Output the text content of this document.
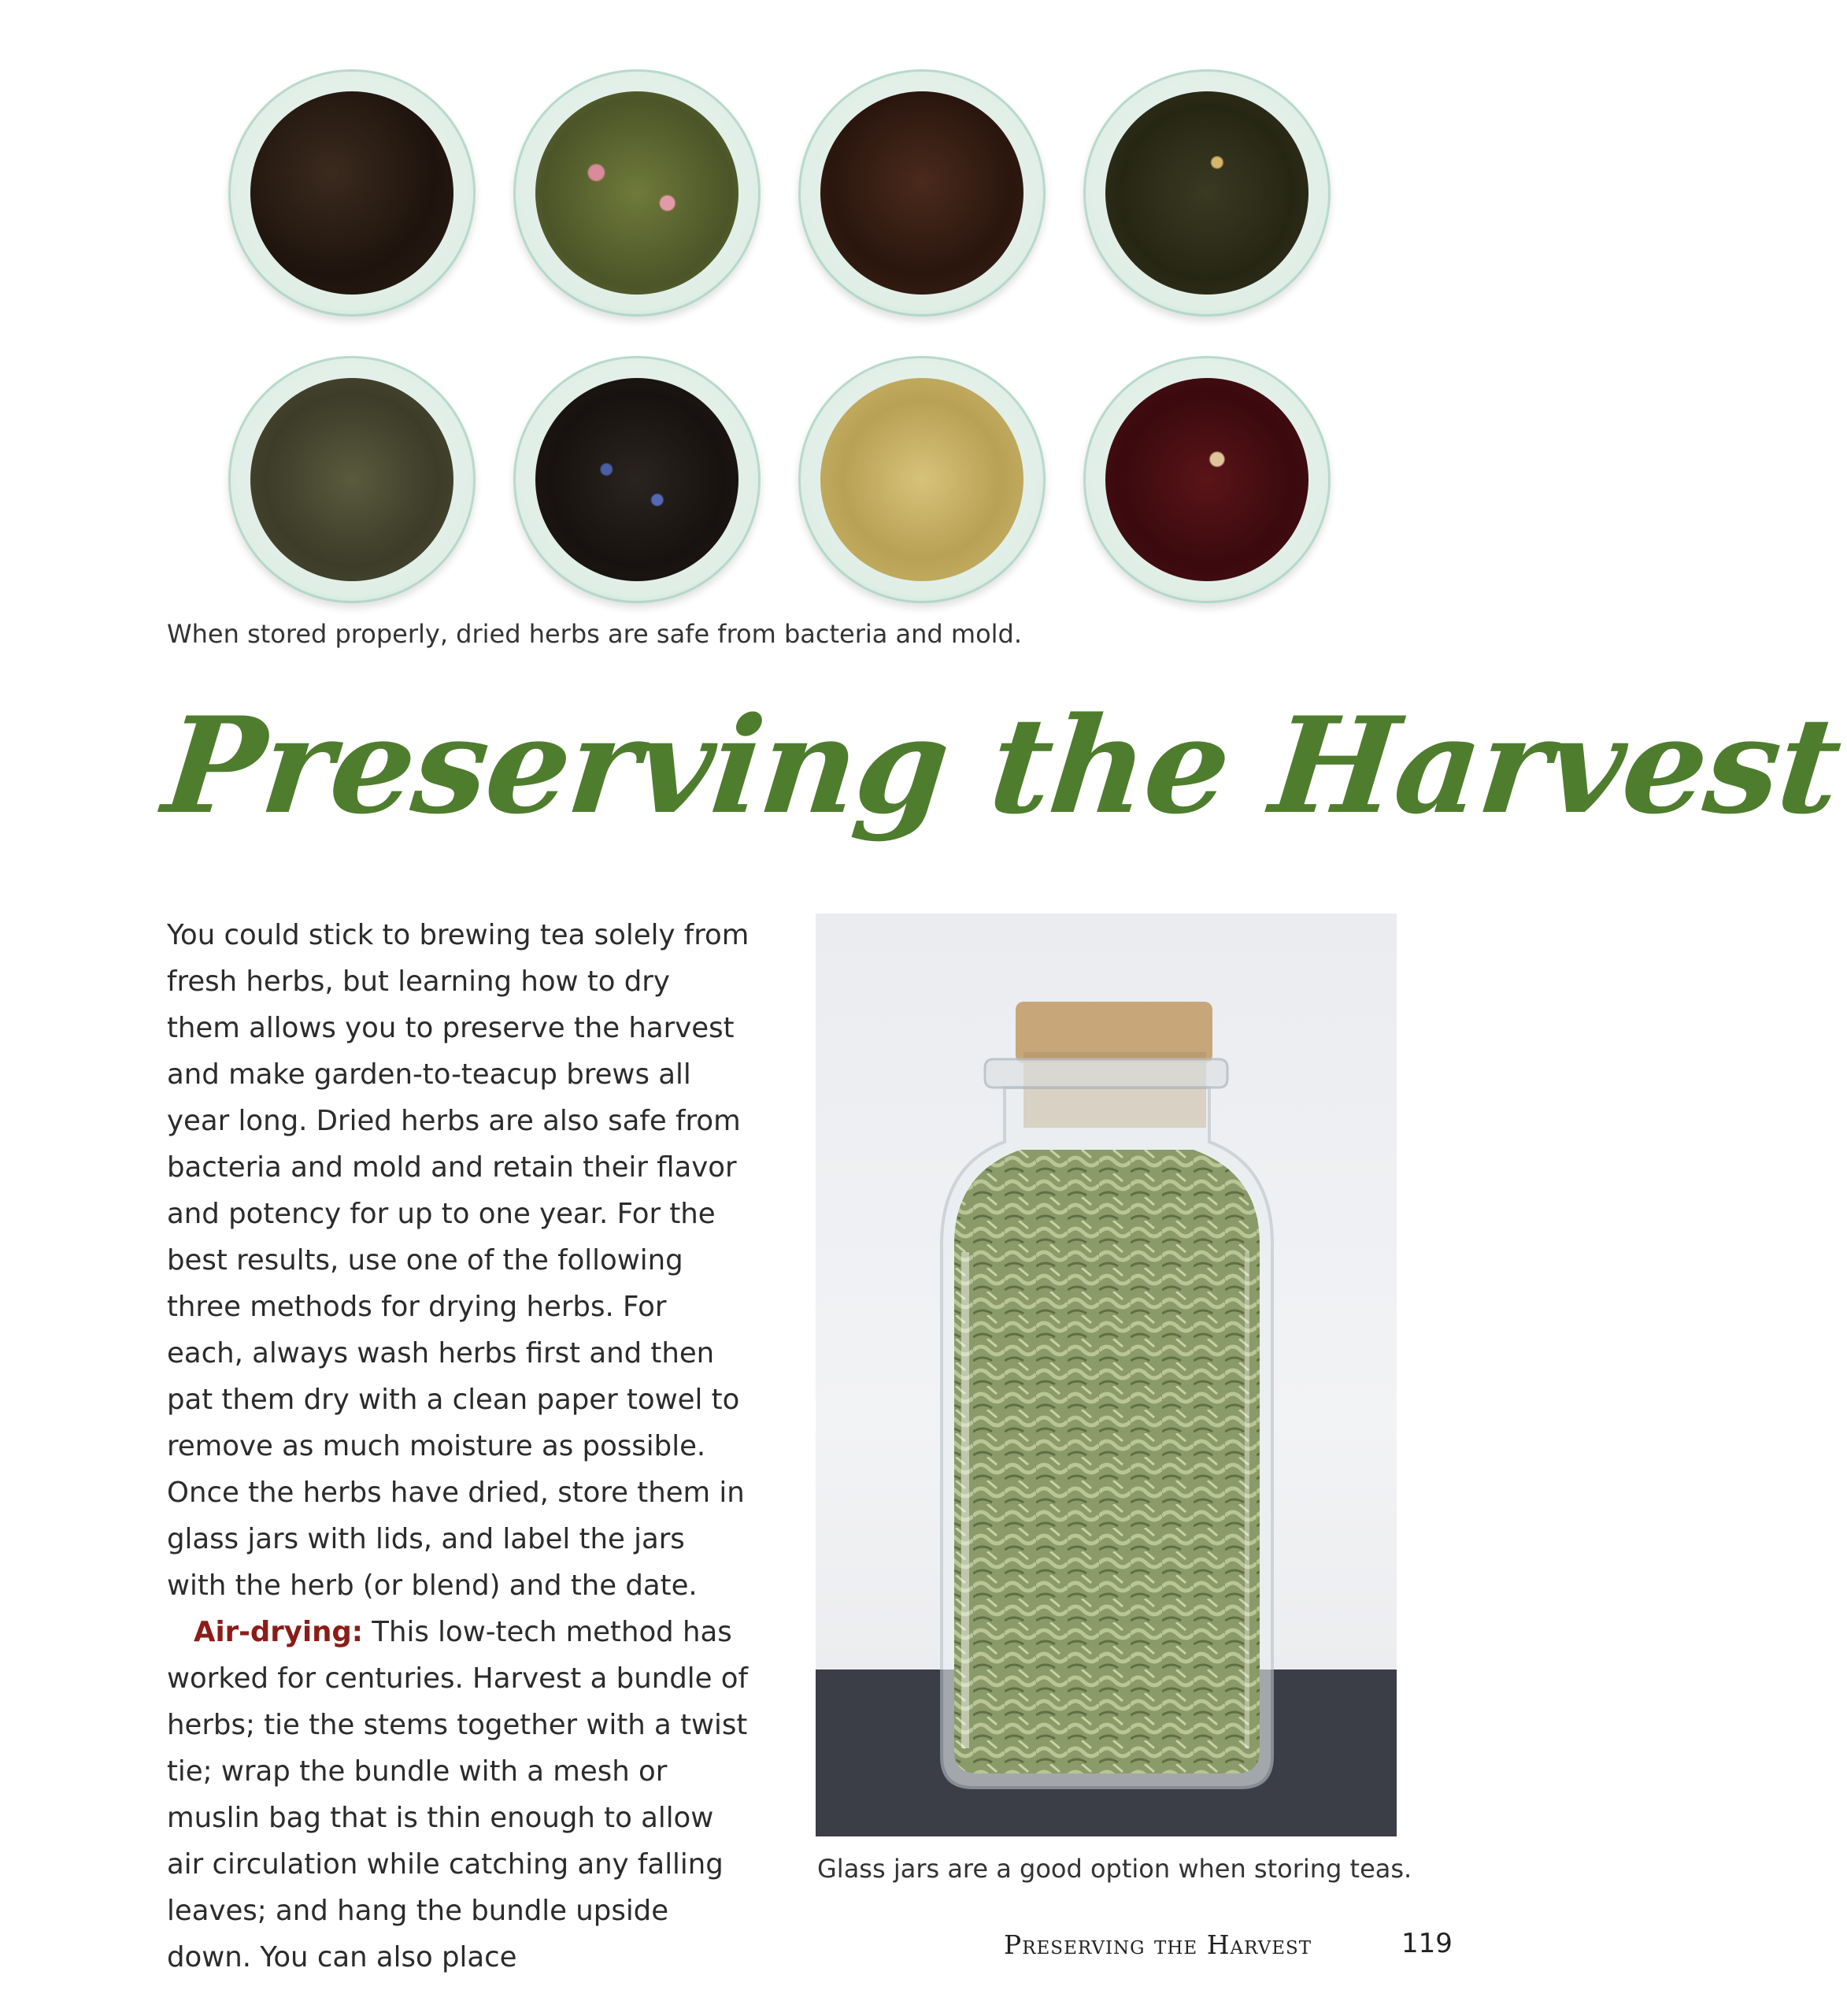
When stored properly, dried herbs are safe from bacteria and mold.
Preserving the Harvest

You could stick to brewing tea solely from fresh herbs, but learning how to dry them allows you to preserve the harvest and make garden-to-teacup brews all year long. Dried herbs are also safe from bacteria and mold and retain their flavor and potency for up to one year. For the best results, use one of the following three methods for drying herbs. For each, always wash herbs first and then pat them dry with a clean paper towel to remove as much moisture as possible. Once the herbs have dried, store them in glass jars with lids, and label the jars with the herb (or blend) and the date.

Air-drying: This low-tech method has worked for centuries. Harvest a bundle of herbs; tie the stems together with a twist tie; wrap the bundle with a mesh or muslin bag that is thin enough to allow air circulation while catching any falling leaves; and hang the bundle upside down. You can also place

Glass jars are a good option when storing teas.
Preserving the Harvest	119
